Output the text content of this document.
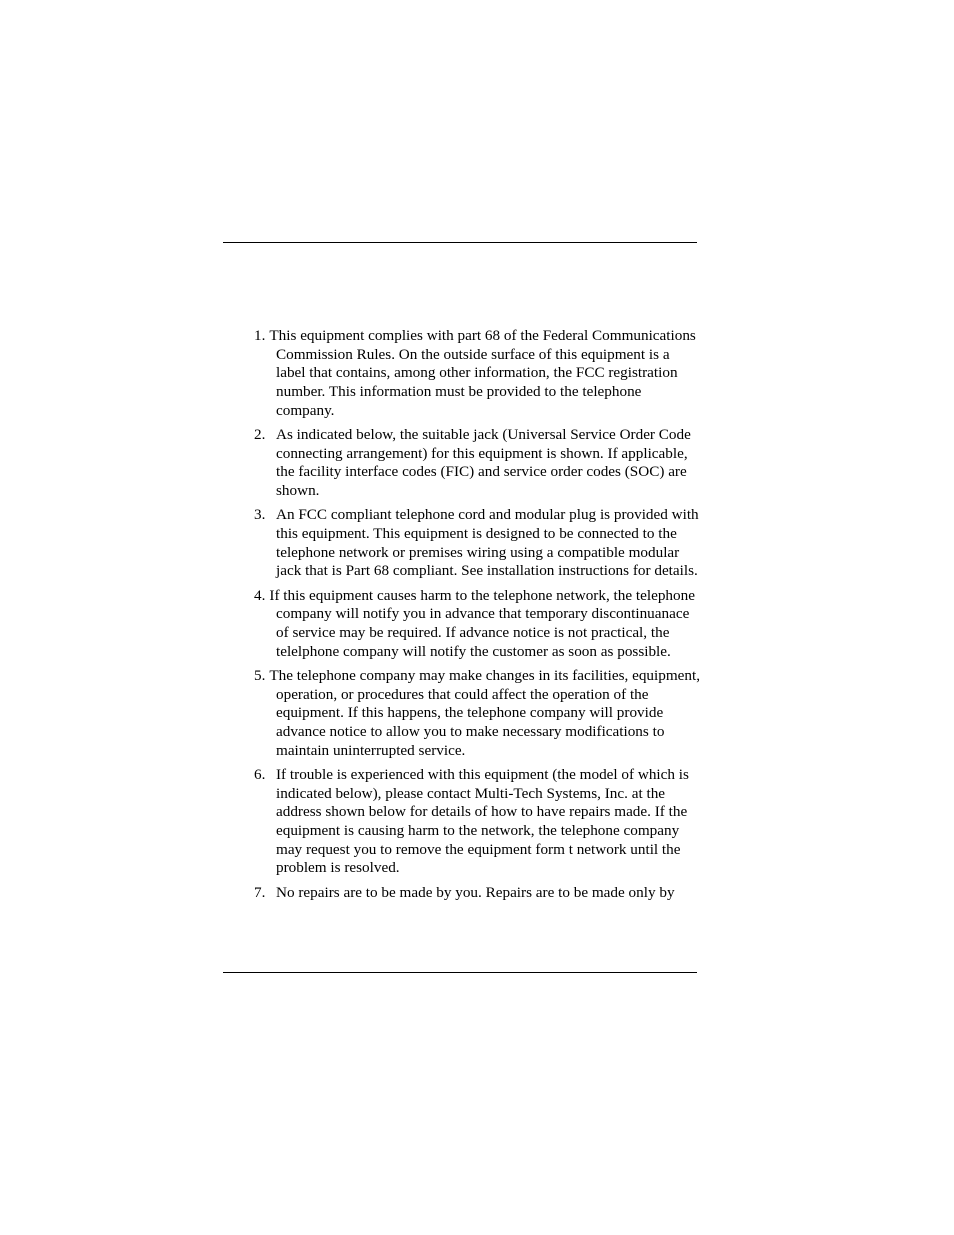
1. This equipment complies with part 68 of the Federal Communications Commission Rules. On the outside surface of this equipment is a label that contains, among other information, the FCC registration number. This information must be provided to the telephone company.
2. As indicated below, the suitable jack (Universal Service Order Code connecting arrangement) for this equipment is shown. If applicable, the facility interface codes (FIC) and service order codes (SOC) are shown.
3. An FCC compliant telephone cord and modular plug is provided with this equipment. This equipment is designed to be connected to the telephone network or premises wiring using a compatible modular jack that is Part 68 compliant. See installation instructions for details.
4. If this equipment causes harm to the telephone network, the telephone company will notify you in advance that temporary discontinuanace of service may be required. If advance notice is not practical, the telelphone company will notify the customer as soon as possible.
5. The telephone company may make changes in its facilities, equipment, operation, or procedures that could affect the operation of the equipment. If this happens, the telephone company will provide advance notice to allow you to make necessary modifications to maintain uninterrupted service.
6. If trouble is experienced with this equipment (the model of which is indicated below), please contact Multi-Tech Systems, Inc. at the address shown below for details of how to have repairs made. If the equipment is causing harm to the network, the telephone company may request you to remove the equipment form t network until the problem is resolved.
7. No repairs are to be made by you. Repairs are to be made only by
